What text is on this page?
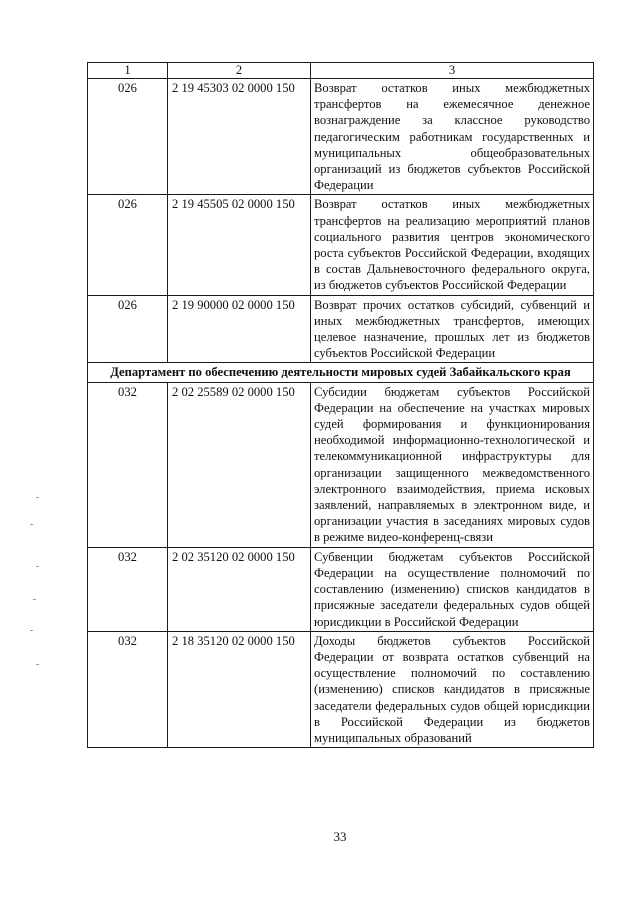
1	2	3
026	2 19 45303 02 0000 150	Возврат остатков иных межбюджетных трансфертов на ежемесячное денежное вознаграждение за классное руководство педагогическим работникам государственных и муниципальных общеобразовательных организаций из бюджетов субъектов Российской Федерации
026	2 19 45505 02 0000 150	Возврат остатков иных межбюджетных трансфертов на реализацию мероприятий планов социального развития центров экономического роста субъектов Российской Федерации, входящих в состав Дальневосточного федерального округа, из бюджетов субъектов Российской Федерации
026	2 19 90000 02 0000 150	Возврат прочих остатков субсидий, субвенций и иных межбюджетных трансфертов, имеющих целевое назначение, прошлых лет из бюджетов субъектов Российской Федерации
Департамент по обеспечению деятельности мировых судей Забайкальского края		
032	2 02 25589 02 0000 150	Субсидии бюджетам субъектов Российской Федерации на обеспечение на участках мировых судей формирования и функционирования необходимой информационно-технологической и телекоммуникационной инфраструктуры для организации защищенного межведомственного электронного взаимодействия, приема исковых заявлений, направляемых в электронном виде, и организации участия в заседаниях мировых судов в режиме видео-конференц-связи
032	2 02 35120 02 0000 150	Субвенции бюджетам субъектов Российской Федерации на осуществление полномочий по составлению (изменению) списков кандидатов в присяжные заседатели федеральных судов общей юрисдикции в Российской Федерации
032	2 18 35120 02 0000 150	Доходы бюджетов субъектов Российской Федерации от возврата остатков субвенций на осуществление полномочий по составлению (изменению) списков кандидатов в присяжные заседатели федеральных судов общей юрисдикции в Российской Федерации из бюджетов муниципальных образований
33
